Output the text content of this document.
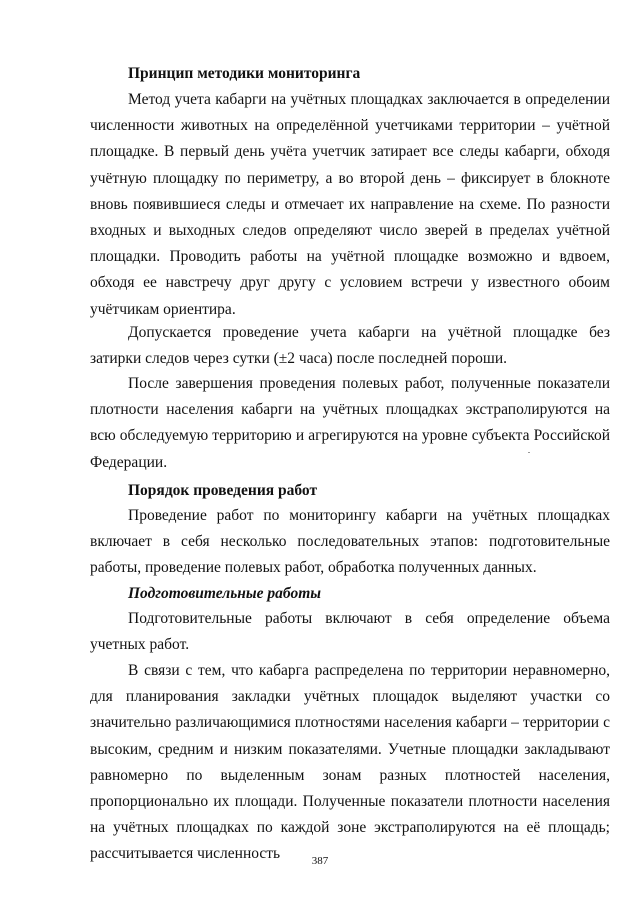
Принцип методики мониторинга
Метод учета кабарги на учётных площадках заключается в определении численности животных на определённой учетчиками территории – учётной площадке. В первый день учёта учетчик затирает все следы кабарги, обходя учётную площадку по периметру, а во второй день – фиксирует в блокноте вновь появившиеся следы и отмечает их направление на схеме. По разности входных и выходных следов определяют число зверей в пределах учётной площадки. Проводить работы на учётной площадке возможно и вдвоем, обходя ее навстречу друг другу с условием встречи у известного обоим учётчикам ориентира.
Допускается проведение учета кабарги на учётной площадке без затирки следов через сутки (±2 часа) после последней пороши.
После завершения проведения полевых работ, полученные показатели плотности населения кабарги на учётных площадках экстраполируются на всю обследуемую территорию и агрегируются на уровне субъекта Российской Федерации.
Порядок проведения работ
Проведение работ по мониторингу кабарги на учётных площадках включает в себя несколько последовательных этапов: подготовительные работы, проведение полевых работ, обработка полученных данных.
Подготовительные работы
Подготовительные работы включают в себя определение объема учетных работ.
В связи с тем, что кабарга распределена по территории неравномерно, для планирования закладки учётных площадок выделяют участки со значительно различающимися плотностями населения кабарги – территории с высоким, средним и низким показателями. Учетные площадки закладывают равномерно по выделенным зонам разных плотностей населения, пропорционально их площади. Полученные показатели плотности населения на учётных площадках по каждой зоне экстраполируются на её площадь; рассчитывается численность	387
